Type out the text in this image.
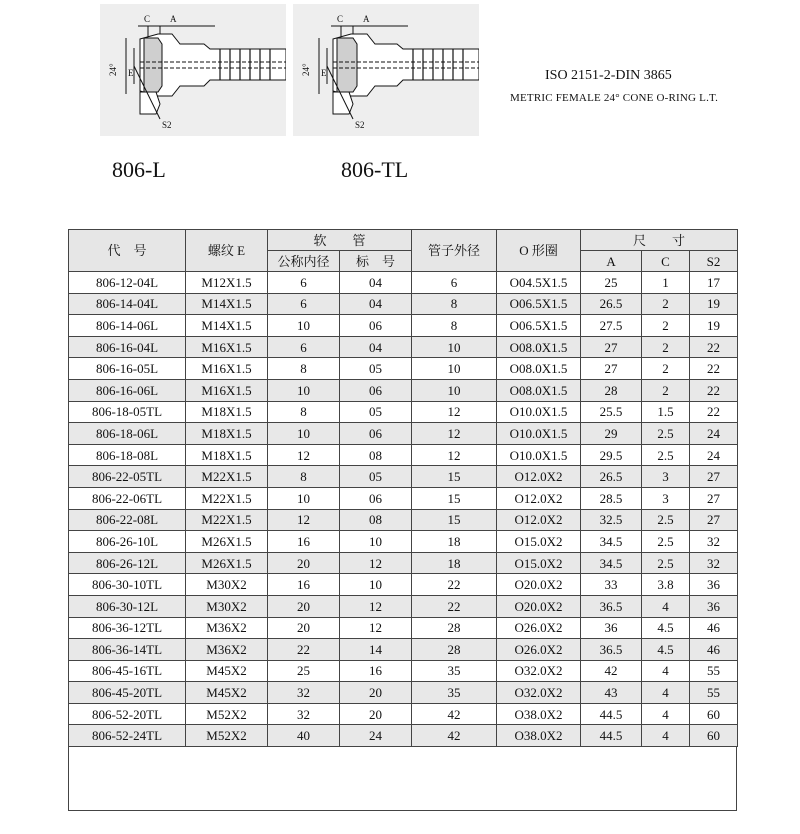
C A
24° E
S2
C A
24° E
S2
806-L	806-TL
ISO 2151-2-DIN 3865
METRIC FEMALE 24° CONE O-RING L.T.
代　号	螺纹 E	软　　管		管子外径	O 形圈	尺　　寸		
		公称内径	标　号			A	C	S2
806-12-04L	M12X1.5	6	04	6	O04.5X1.5	25	1	17
806-14-04L	M14X1.5	6	04	8	O06.5X1.5	26.5	2	19
806-14-06L	M14X1.5	10	06	8	O06.5X1.5	27.5	2	19
806-16-04L	M16X1.5	6	04	10	O08.0X1.5	27	2	22
806-16-05L	M16X1.5	8	05	10	O08.0X1.5	27	2	22
806-16-06L	M16X1.5	10	06	10	O08.0X1.5	28	2	22
806-18-05TL	M18X1.5	8	05	12	O10.0X1.5	25.5	1.5	22
806-18-06L	M18X1.5	10	06	12	O10.0X1.5	29	2.5	24
806-18-08L	M18X1.5	12	08	12	O10.0X1.5	29.5	2.5	24
806-22-05TL	M22X1.5	8	05	15	O12.0X2	26.5	3	27
806-22-06TL	M22X1.5	10	06	15	O12.0X2	28.5	3	27
806-22-08L	M22X1.5	12	08	15	O12.0X2	32.5	2.5	27
806-26-10L	M26X1.5	16	10	18	O15.0X2	34.5	2.5	32
806-26-12L	M26X1.5	20	12	18	O15.0X2	34.5	2.5	32
806-30-10TL	M30X2	16	10	22	O20.0X2	33	3.8	36
806-30-12L	M30X2	20	12	22	O20.0X2	36.5	4	36
806-36-12TL	M36X2	20	12	28	O26.0X2	36	4.5	46
806-36-14TL	M36X2	22	14	28	O26.0X2	36.5	4.5	46
806-45-16TL	M45X2	25	16	35	O32.0X2	42	4	55
806-45-20TL	M45X2	32	20	35	O32.0X2	43	4	55
806-52-20TL	M52X2	32	20	42	O38.0X2	44.5	4	60
806-52-24TL	M52X2	40	24	42	O38.0X2	44.5	4	60
